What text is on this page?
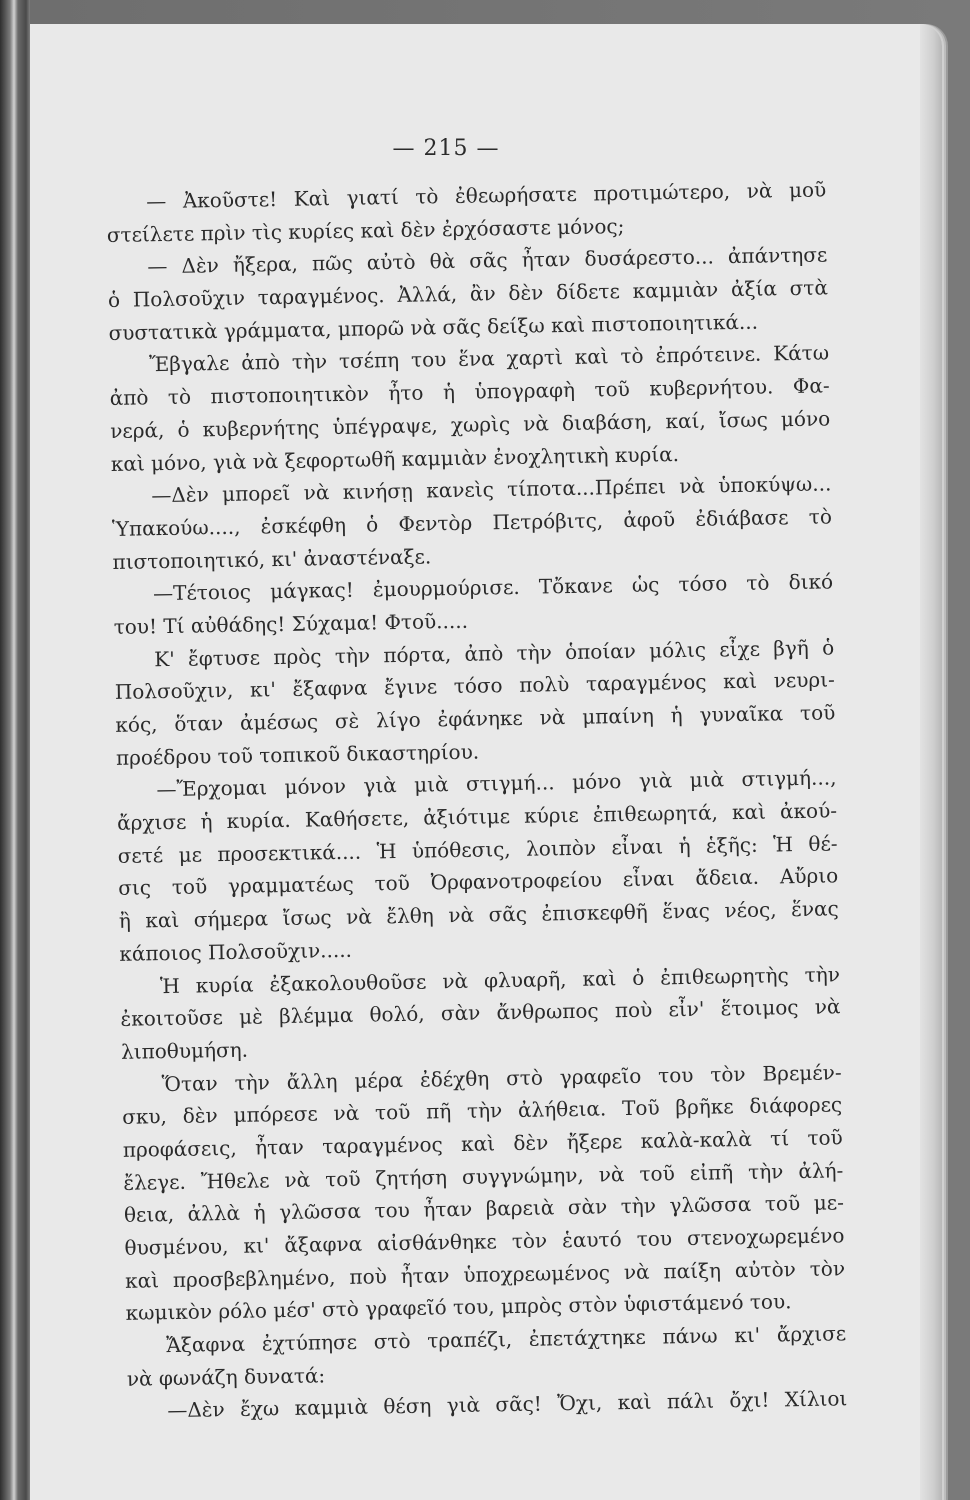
— 215 —
— Ἀκοῦστε! Καὶ γιατί τὸ ἐθεωρήσατε προτιμώτερο, νὰ μοῦ
στείλετε πρὶν τὶς κυρίες καὶ δὲν ἐρχόσαστε μόνος;
— Δὲν ἤξερα, πῶς αὐτὸ θὰ σᾶς ἦταν δυσάρεστο... ἀπάντησε
ὁ Πολσοῦχιν ταραγμένος. Ἀλλά, ἂν δὲν δίδετε καμμιὰν ἀξία στὰ
συστατικὰ γράμματα, μπορῶ νὰ σᾶς δείξω καὶ πιστοποιητικά...
Ἔβγαλε ἀπὸ τὴν τσέπη του ἕνα χαρτὶ καὶ τὸ ἐπρότεινε. Κάτω
ἀπὸ τὸ πιστοποιητικὸν ἦτο ἡ ὑπογραφὴ τοῦ κυβερνήτου. Φα-
νερά, ὁ κυβερνήτης ὑπέγραψε, χωρὶς νὰ διαβάση, καί, ἴσως μόνο
καὶ μόνο, γιὰ νὰ ξεφορτωθῆ καμμιὰν ἐνοχλητικὴ κυρία.
—Δὲν μπορεῖ νὰ κινήσῃ κανεὶς τίποτα...Πρέπει νὰ ὑποκύψω...
Ὑπακούω...., ἐσκέφθη ὁ Φεντὸρ Πετρόβιτς, ἀφοῦ ἐδιάβασε τὸ
πιστοποιητικό, κι' ἀναστέναξε.
—Τέτοιος μάγκας! ἐμουρμούρισε. Τὄκανε ὡς τόσο τὸ δικό
του! Τί αὐθάδης! Σύχαμα! Φτοῦ.....
Κ' ἔφτυσε πρὸς τὴν πόρτα, ἀπὸ τὴν ὁποίαν μόλις εἶχε βγῆ ὁ
Πολσοῦχιν, κι' ἔξαφνα ἔγινε τόσο πολὺ ταραγμένος καὶ νευρι-
κός, ὅταν ἀμέσως σὲ λίγο ἐφάνηκε νὰ μπαίνη ἡ γυναῖκα τοῦ
προέδρου τοῦ τοπικοῦ δικαστηρίου.
—Ἔρχομαι μόνον γιὰ μιὰ στιγμή... μόνο γιὰ μιὰ στιγμή...,
ἄρχισε ἡ κυρία. Καθήσετε, ἀξιότιμε κύριε ἐπιθεωρητά, καὶ ἀκού-
σετέ με προσεκτικά.... Ἡ ὑπόθεσις, λοιπὸν εἶναι ἡ ἑξῆς: Ἡ θέ-
σις τοῦ γραμματέως τοῦ Ὀρφανοτροφείου εἶναι ἄδεια. Αὔριο
ἢ καὶ σήμερα ἴσως νὰ ἔλθη νὰ σᾶς ἐπισκεφθῆ ἕνας νέος, ἕνας
κάποιος Πολσοῦχιν.....
Ἡ κυρία ἐξακολουθοῦσε νὰ φλυαρῆ, καὶ ὁ ἐπιθεωρητὴς τὴν
ἐκοιτοῦσε μὲ βλέμμα θολό, σὰν ἄνθρωπος ποὺ εἶν' ἕτοιμος νὰ
λιποθυμήση.
Ὅταν τὴν ἄλλη μέρα ἐδέχθη στὸ γραφεῖο του τὸν Βρεμέν-
σκυ, δὲν μπόρεσε νὰ τοῦ πῆ τὴν ἀλήθεια. Τοῦ βρῆκε διάφορες
προφάσεις, ἦταν ταραγμένος καὶ δὲν ἤξερε καλὰ-καλὰ τί τοῦ
ἔλεγε. Ἤθελε νὰ τοῦ ζητήση συγγνώμην, νὰ τοῦ εἰπῆ τὴν ἀλή-
θεια, ἀλλὰ ἡ γλῶσσα του ἦταν βαρειὰ σὰν τὴν γλῶσσα τοῦ με-
θυσμένου, κι' ἄξαφνα αἰσθάνθηκε τὸν ἑαυτό του στενοχωρεμένο
καὶ προσβεβλημένο, ποὺ ἦταν ὑποχρεωμένος νὰ παίξη αὐτὸν τὸν
κωμικὸν ρόλο μέσ' στὸ γραφεῖό του, μπρὸς στὸν ὑφιστάμενό του.
Ἄξαφνα ἐχτύπησε στὸ τραπέζι, ἐπετάχτηκε πάνω κι' ἄρχισε
νὰ φωνάζη δυνατά:
—Δὲν ἔχω καμμιὰ θέση γιὰ σᾶς! Ὄχι, καὶ πάλι ὄχι! Χίλιοι
